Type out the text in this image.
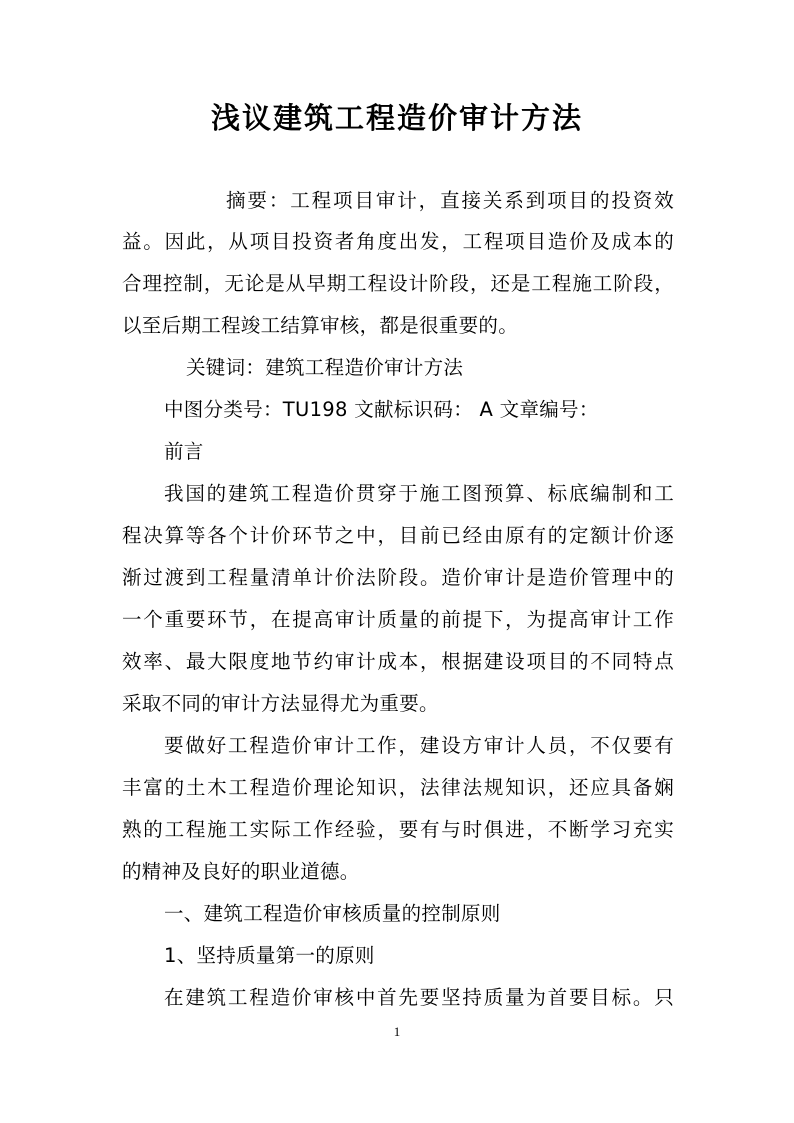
浅议建筑工程造价审计方法
摘要：工程项目审计，直接关系到项目的投资效
益。因此，从项目投资者角度出发，工程项目造价及成本的
合理控制，无论是从早期工程设计阶段，还是工程施工阶段，
以至后期工程竣工结算审核，都是很重要的。
关键词：建筑工程造价审计方法
中图分类号：TU198 文献标识码： A 文章编号：
前言
我国的建筑工程造价贯穿于施工图预算、标底编制和工
程决算等各个计价环节之中，目前已经由原有的定额计价逐
渐过渡到工程量清单计价法阶段。造价审计是造价管理中的
一个重要环节，在提高审计质量的前提下，为提高审计工作
效率、最大限度地节约审计成本，根据建设项目的不同特点
采取不同的审计方法显得尤为重要。
要做好工程造价审计工作，建设方审计人员，不仅要有
丰富的土木工程造价理论知识，法律法规知识，还应具备娴
熟的工程施工实际工作经验，要有与时俱进，不断学习充实
的精神及良好的职业道德。
一、建筑工程造价审核质量的控制原则
1、坚持质量第一的原则
在建筑工程造价审核中首先要坚持质量为首要目标。只
1
